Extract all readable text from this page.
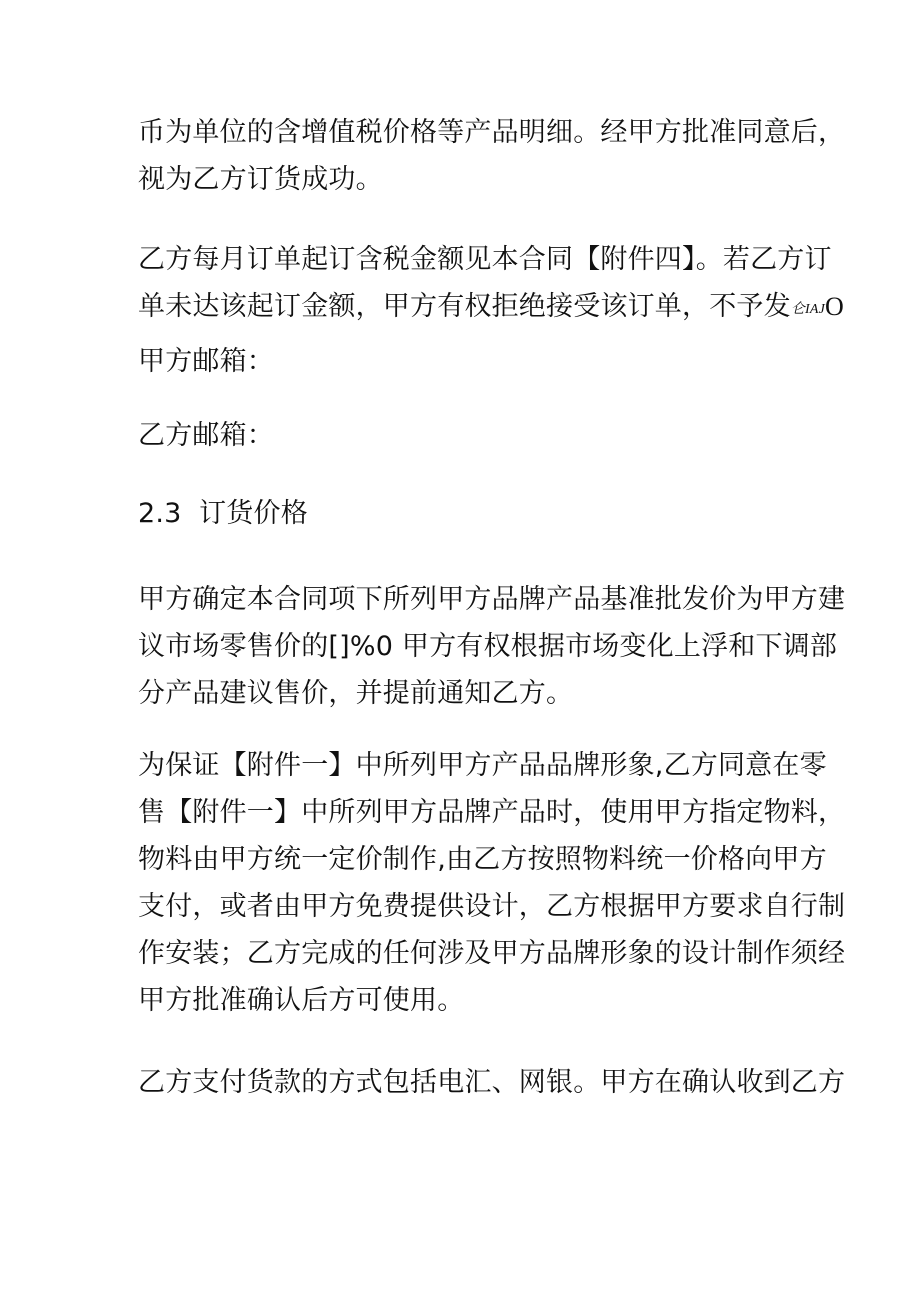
币为单位的含增值税价格等产品明细。经甲方批准同意后，
视为乙方订货成功。

乙方每月订单起订含税金额见本合同【附件四】。若乙方订
单未达该起订金额，甲方有权拒绝接受该订单，不予发仑IAJO

甲方邮箱：

乙方邮箱：

2.3  订货价格

甲方确定本合同项下所列甲方品牌产品基准批发价为甲方建
议市场零售价的[]%0 甲方有权根据市场变化上浮和下调部
分产品建议售价，并提前通知乙方。

为保证【附件一】中所列甲方产品品牌形象,乙方同意在零
售【附件一】中所列甲方品牌产品时，使用甲方指定物料，
物料由甲方统一定价制作,由乙方按照物料统一价格向甲方
支付，或者由甲方免费提供设计，乙方根据甲方要求自行制
作安装；乙方完成的任何涉及甲方品牌形象的设计制作须经
甲方批准确认后方可使用。

乙方支付货款的方式包括电汇、网银。甲方在确认收到乙方
